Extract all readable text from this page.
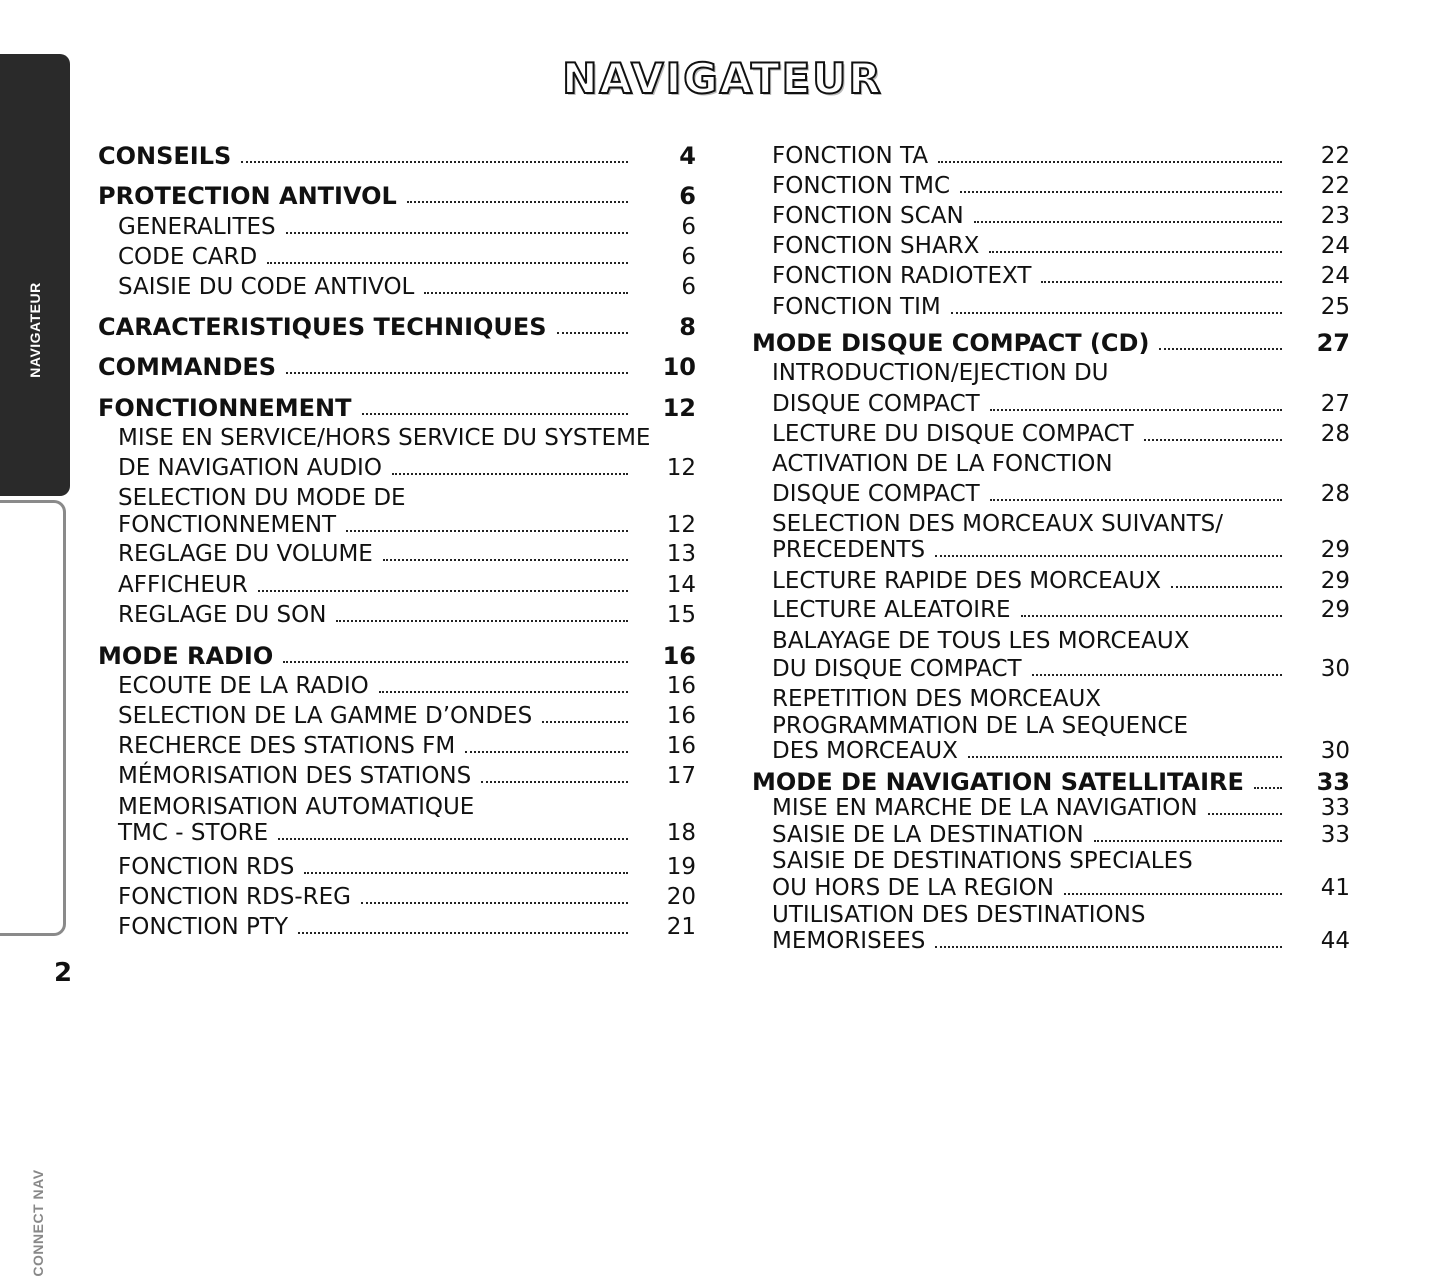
NAVIGATEUR
CONNECT NAV
NAVIGATEUR
CONSEILS	4
PROTECTION ANTIVOL	6
GENERALITES	6
CODE CARD	6
SAISIE DU CODE ANTIVOL	6
CARACTERISTIQUES TECHNIQUES	8
COMMANDES	10
FONCTIONNEMENT	12
MISE EN SERVICE/HORS SERVICE DU SYSTEME
DE NAVIGATION AUDIO	12
SELECTION DU MODE DE
FONCTIONNEMENT	12
REGLAGE DU VOLUME	13
AFFICHEUR	14
REGLAGE DU SON	15
MODE RADIO	16
ECOUTE DE LA RADIO	16
SELECTION DE LA GAMME D’ONDES	16
RECHERCE DES STATIONS FM	16
MÉMORISATION DES STATIONS	17
MEMORISATION AUTOMATIQUE
TMC - STORE	18
FONCTION RDS	19
FONCTION RDS-REG	20
FONCTION PTY	21
FONCTION TA	22
FONCTION TMC	22
FONCTION SCAN	23
FONCTION SHARX	24
FONCTION RADIOTEXT	24
FONCTION TIM	25
MODE DISQUE COMPACT (CD)	27
INTRODUCTION/EJECTION DU
DISQUE COMPACT	27
LECTURE DU DISQUE COMPACT	28
ACTIVATION DE LA FONCTION
DISQUE COMPACT	28
SELECTION DES MORCEAUX SUIVANTS/
PRECEDENTS	29
LECTURE RAPIDE DES MORCEAUX	29
LECTURE ALEATOIRE	29
BALAYAGE DE TOUS LES MORCEAUX
DU DISQUE COMPACT	30
REPETITION DES MORCEAUX
PROGRAMMATION DE LA SEQUENCE
DES MORCEAUX	30
MODE DE NAVIGATION SATELLITAIRE	33
MISE EN MARCHE DE LA NAVIGATION	33
SAISIE DE LA DESTINATION	33
SAISIE DE DESTINATIONS SPECIALES
OU HORS DE LA REGION	41
UTILISATION DES DESTINATIONS
MEMORISEES	44
2
